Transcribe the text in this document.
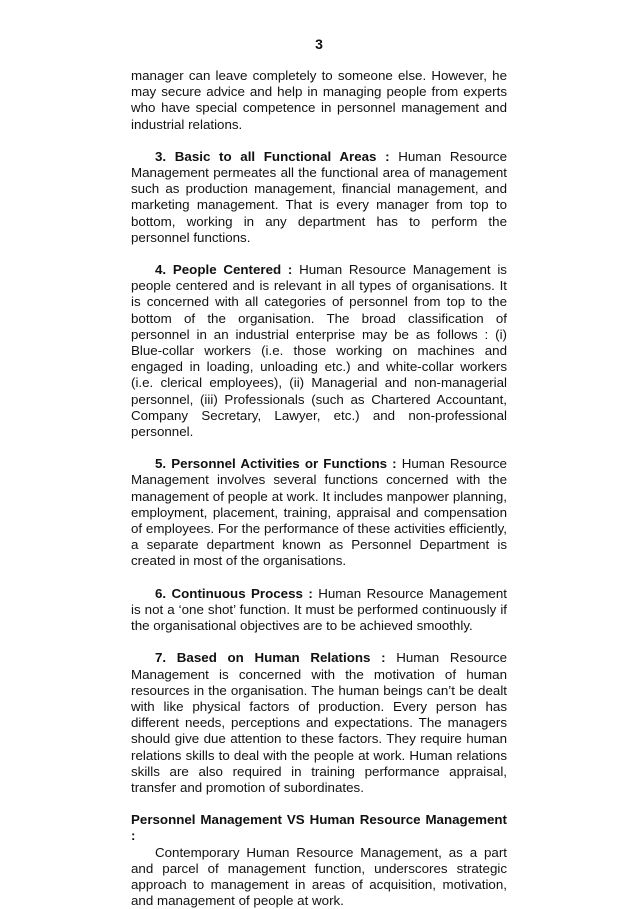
3

manager can leave completely to someone else. However, he may secure advice and help in managing people from experts who have special competence in personnel management and industrial relations.

3. Basic to all Functional Areas : Human Resource Management permeates all the functional area of management such as production management, financial management, and marketing management. That is every manager from top to bottom, working in any department has to perform the personnel functions.

4. People Centered : Human Resource Management is people centered and is relevant in all types of organisations. It is concerned with all categories of personnel from top to the bottom of the organisation. The broad classification of personnel in an industrial enterprise may be as follows : (i) Blue-collar workers (i.e. those working on machines and engaged in loading, unloading etc.) and white-collar workers (i.e. clerical employees), (ii) Managerial and non-managerial personnel, (iii) Professionals (such as Chartered Accountant, Company Secretary, Lawyer, etc.) and non-professional personnel.

5. Personnel Activities or Functions : Human Resource Management involves several functions concerned with the management of people at work. It includes manpower planning, employment, placement, training, appraisal and compensation of employees. For the performance of these activities efficiently, a separate department known as Personnel Department is created in most of the organisations.

6. Continuous Process : Human Resource Management is not a ‘one shot’ function. It must be performed continuously if the organisational objectives are to be achieved smoothly.

7. Based on Human Relations : Human Resource Management is concerned with the motivation of human resources in the organisation. The human beings can’t be dealt with like physical factors of production. Every person has different needs, perceptions and expectations. The managers should give due attention to these factors. They require human relations skills to deal with the people at work. Human relations skills are also required in training performance appraisal, transfer and promotion of subordinates.

Personnel Management VS Human Resource Management :

Contemporary Human Resource Management, as a part and parcel of management function, underscores strategic approach to management in areas of acquisition, motivation, and management of people at work.
